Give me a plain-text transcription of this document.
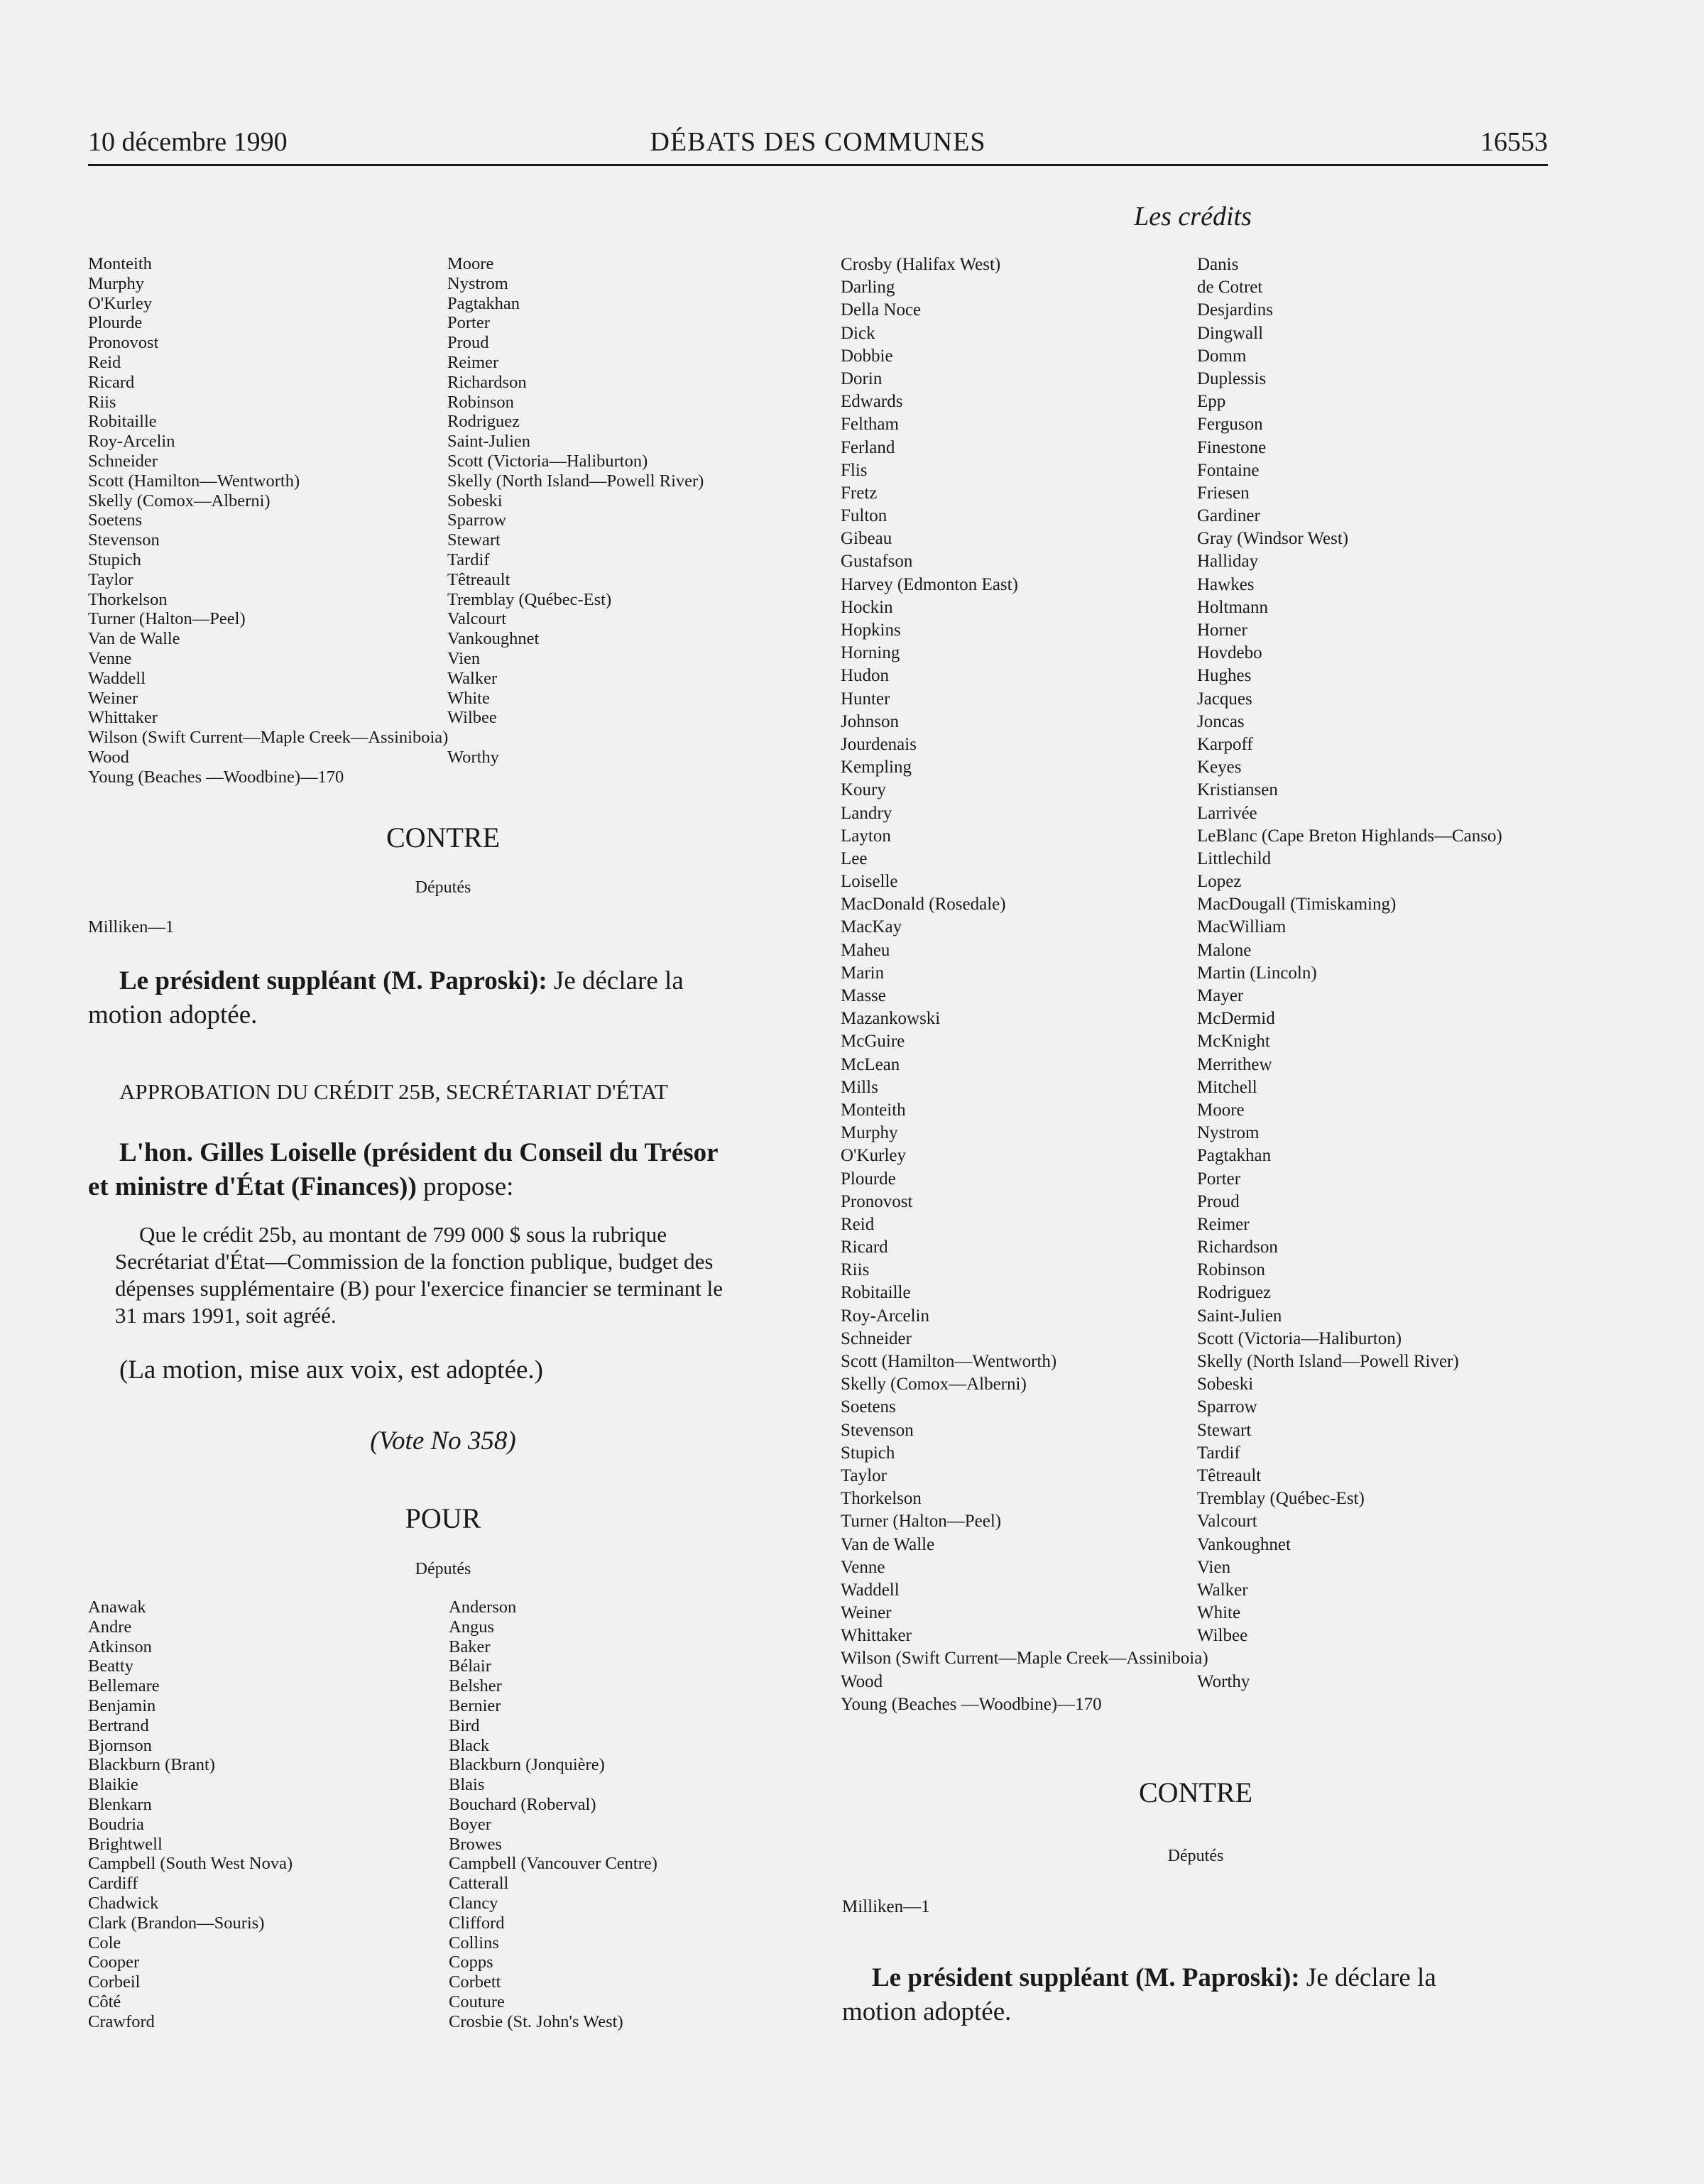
10 décembre 1990	DÉBATS DES COMMUNES	16553
Les crédits
Monteith
Murphy
O'Kurley
Plourde
Pronovost
Reid
Ricard
Riis
Robitaille
Roy-Arcelin
Schneider
Scott (Hamilton—Wentworth)
Skelly (Comox—Alberni)
Soetens
Stevenson
Stupich
Taylor
Thorkelson
Turner (Halton—Peel)
Van de Walle
Venne
Waddell
Weiner
Whittaker
Wilson (Swift Current—Maple Creek—Assiniboia)
Wood
Young (Beaches —Woodbine)—170
Moore
Nystrom
Pagtakhan
Porter
Proud
Reimer
Richardson
Robinson
Rodriguez
Saint-Julien
Scott (Victoria—Haliburton)
Skelly (North Island—Powell River)
Sobeski
Sparrow
Stewart
Tardif
Têtreault
Tremblay (Québec-Est)
Valcourt
Vankoughnet
Vien
Walker
White
Wilbee
Worthy
CONTRE
Députés
Milliken—1
Le président suppléant (M. Paproski): Je déclare la
motion adoptée.
APPROBATION DU CRÉDIT 25B, SECRÉTARIAT D'ÉTAT
L'hon. Gilles Loiselle (président du Conseil du Trésor
et ministre d'État (Finances)) propose:
Que le crédit 25b, au montant de 799 000 $ sous la rubrique
Secrétariat d'État—Commission de la fonction publique, budget des
dépenses supplémentaire (B) pour l'exercice financier se terminant le
31 mars 1991, soit agréé.
(La motion, mise aux voix, est adoptée.)
(Vote No 358)
POUR
Députés
Anawak
Andre
Atkinson
Beatty
Bellemare
Benjamin
Bertrand
Bjornson
Blackburn (Brant)
Blaikie
Blenkarn
Boudria
Brightwell
Campbell (South West Nova)
Cardiff
Chadwick
Clark (Brandon—Souris)
Cole
Cooper
Corbeil
Côté
Crawford
Anderson
Angus
Baker
Bélair
Belsher
Bernier
Bird
Black
Blackburn (Jonquière)
Blais
Bouchard (Roberval)
Boyer
Browes
Campbell (Vancouver Centre)
Catterall
Clancy
Clifford
Collins
Copps
Corbett
Couture
Crosbie (St. John's West)
Crosby (Halifax West)
Darling
Della Noce
Dick
Dobbie
Dorin
Edwards
Feltham
Ferland
Flis
Fretz
Fulton
Gibeau
Gustafson
Harvey (Edmonton East)
Hockin
Hopkins
Horning
Hudon
Hunter
Johnson
Jourdenais
Kempling
Koury
Landry
Layton
Lee
Loiselle
MacDonald (Rosedale)
MacKay
Maheu
Marin
Masse
Mazankowski
McGuire
McLean
Mills
Monteith
Murphy
O'Kurley
Plourde
Pronovost
Reid
Ricard
Riis
Robitaille
Roy-Arcelin
Schneider
Scott (Hamilton—Wentworth)
Skelly (Comox—Alberni)
Soetens
Stevenson
Stupich
Taylor
Thorkelson
Turner (Halton—Peel)
Van de Walle
Venne
Waddell
Weiner
Whittaker
Wilson (Swift Current—Maple Creek—Assiniboia)
Wood
Young (Beaches —Woodbine)—170
Danis
de Cotret
Desjardins
Dingwall
Domm
Duplessis
Epp
Ferguson
Finestone
Fontaine
Friesen
Gardiner
Gray (Windsor West)
Halliday
Hawkes
Holtmann
Horner
Hovdebo
Hughes
Jacques
Joncas
Karpoff
Keyes
Kristiansen
Larrivée
LeBlanc (Cape Breton Highlands—Canso)
Littlechild
Lopez
MacDougall (Timiskaming)
MacWilliam
Malone
Martin (Lincoln)
Mayer
McDermid
McKnight
Merrithew
Mitchell
Moore
Nystrom
Pagtakhan
Porter
Proud
Reimer
Richardson
Robinson
Rodriguez
Saint-Julien
Scott (Victoria—Haliburton)
Skelly (North Island—Powell River)
Sobeski
Sparrow
Stewart
Tardif
Têtreault
Tremblay (Québec-Est)
Valcourt
Vankoughnet
Vien
Walker
White
Wilbee
Worthy
CONTRE
Députés
Milliken—1
Le président suppléant (M. Paproski): Je déclare la
motion adoptée.
